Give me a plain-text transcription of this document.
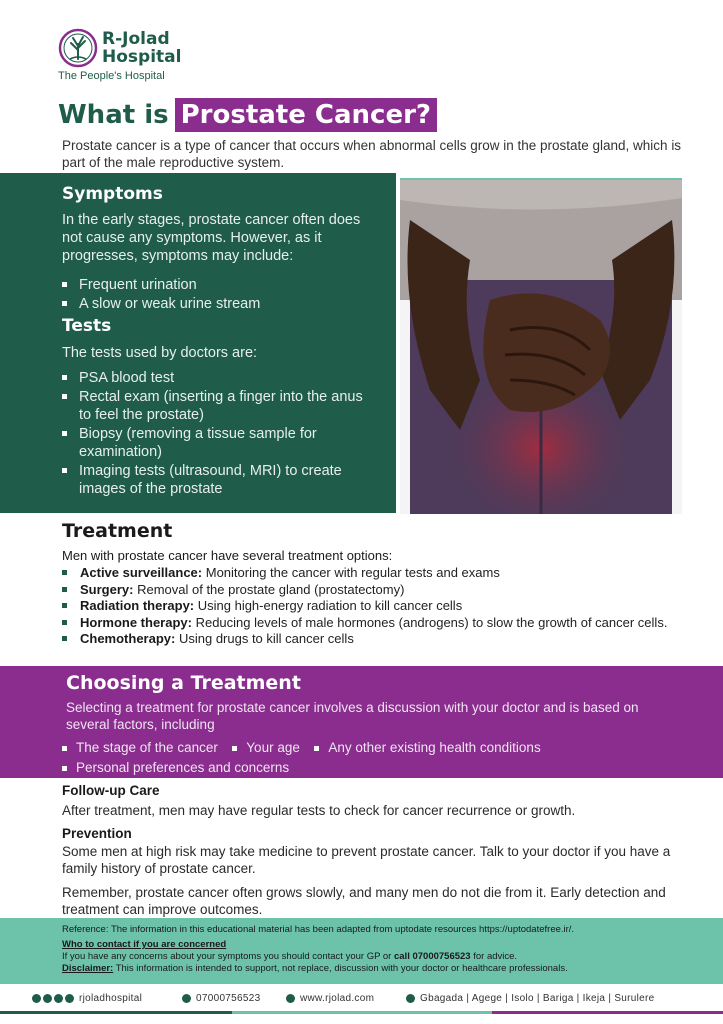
R-Jolad
Hospital
The People's Hospital
What is Prostate Cancer?
Prostate cancer is a type of cancer that occurs when abnormal cells grow in the prostate gland, which is part of the male reproductive system.
Symptoms

In the early stages, prostate cancer often does not cause any symptoms. However, as it progresses, symptoms may include:

Frequent urination
A slow or weak urine stream
Tests

The tests used by doctors are:

PSA blood test
Rectal exam (inserting a finger into the anus to feel the prostate)
Biopsy (removing a tissue sample for examination)
Imaging tests (ultrasound, MRI) to create images of the prostate
Treatment
Men with prostate cancer have several treatment options:
Active surveillance: Monitoring the cancer with regular tests and exams
Surgery: Removal of the prostate gland (prostatectomy)
Radiation therapy: Using high-energy radiation to kill cancer cells
Hormone therapy: Reducing levels of male hormones (androgens) to slow the growth of cancer cells.
Chemotherapy: Using drugs to kill cancer cells
Choosing a Treatment

Selecting a treatment for prostate cancer involves a discussion with your doctor and is based on several factors, including

The stage of the cancer Your age Any other existing health conditions
Personal preferences and concerns
Follow-up Care
After treatment, men may have regular tests to check for cancer recurrence or growth.
Prevention
Some men at high risk may take medicine to prevent prostate cancer. Talk to your doctor if you have a family history of prostate cancer.
Remember, prostate cancer often grows slowly, and many men do not die from it. Early detection and treatment can improve outcomes.
Reference: The information in this educational material has been adapted from uptodate resources https://uptodatefree.ir/.
Who to contact if you are concerned
If you have any concerns about your symptoms you should contact your GP or call 07000756523 for advice.
Disclaimer: This information is intended to support, not replace, discussion with your doctor or healthcare professionals.
rjoladhospital	07000756523	www.rjolad.com	Gbagada | Agege | Isolo | Bariga | Ikeja | Surulere
